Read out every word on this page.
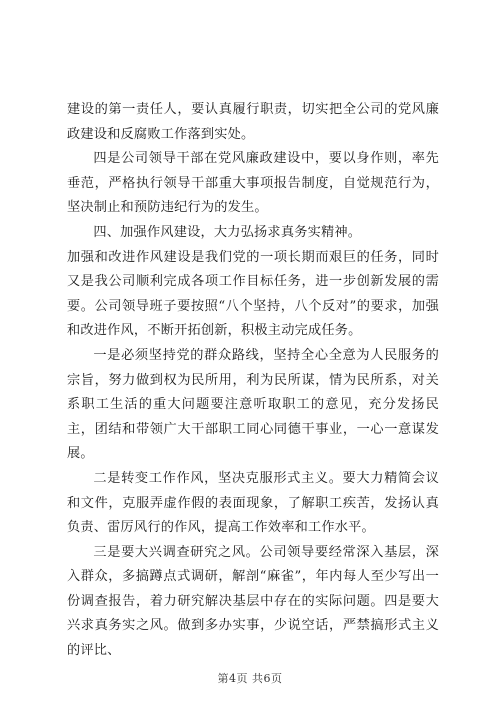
建设的第一责任人，要认真履行职责，切实把全公司的党风廉政建设和反腐败工作落到实处。

四是公司领导干部在党风廉政建设中，要以身作则，率先垂范，严格执行领导干部重大事项报告制度，自觉规范行为，坚决制止和预防违纪行为的发生。

四、加强作风建设，大力弘扬求真务实精神。

加强和改进作风建设是我们党的一项长期而艰巨的任务，同时又是我公司顺利完成各项工作目标任务，进一步创新发展的需要。公司领导班子要按照“八个坚持，八个反对”的要求，加强和改进作风，不断开拓创新，积极主动完成任务。

一是必须坚持党的群众路线，坚持全心全意为人民服务的宗旨，努力做到权为民所用，利为民所谋，情为民所系，对关系职工生活的重大问题要注意听取职工的意见，充分发扬民主，团结和带领广大干部职工同心同德干事业，一心一意谋发展。

二是转变工作作风，坚决克服形式主义。要大力精简会议和文件，克服弄虚作假的表面现象，了解职工疾苦，发扬认真负责、雷厉风行的作风，提高工作效率和工作水平。

三是要大兴调查研究之风。公司领导要经常深入基层，深入群众，多搞蹲点式调研，解剖“麻雀”，年内每人至少写出一份调查报告，着力研究解决基层中存在的实际问题。四是要大兴求真务实之风。做到多办实事，少说空话，严禁搞形式主义的评比、

第4页 共6页
